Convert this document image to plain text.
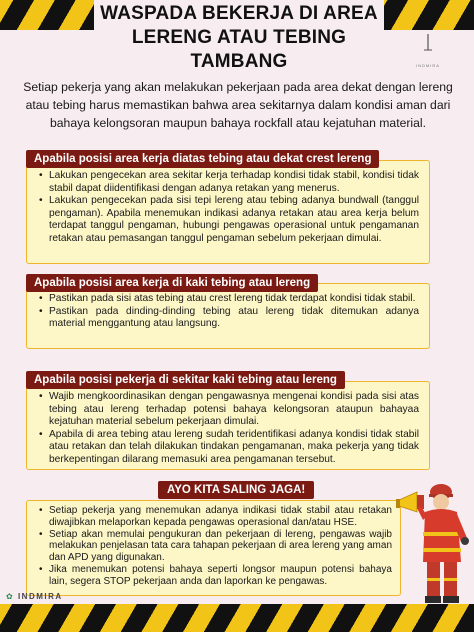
WASPADA BEKERJA DI AREA
LERENG ATAU TEBING TAMBANG	INDMIRA
Setiap pekerja yang akan melakukan pekerjaan pada area dekat dengan lereng atau tebing harus memastikan bahwa area sekitarnya dalam kondisi aman dari bahaya kelongsoran maupun bahaya rockfall atau kejatuhan material.
Apabila posisi area kerja diatas tebing atau dekat crest lereng
• Lakukan pengecekan area sekitar kerja terhadap kondisi tidak stabil, kondisi tidak stabil dapat diidentifikasi dengan adanya retakan yang menerus.
• Lakukan pengecekan pada sisi tepi lereng atau tebing adanya bundwall (tanggul pengaman). Apabila menemukan indikasi adanya retakan atau area kerja belum terdapat tanggul pengaman, hubungi pengawas operasional untuk pengamanan retakan atau pemasangan tanggul pengaman sebelum pekerjaan dimulai.
Apabila posisi area kerja di kaki tebing atau lereng
• Pastikan pada sisi atas tebing atau crest lereng tidak terdapat kondisi tidak stabil.
• Pastikan pada dinding-dinding tebing atau lereng tidak ditemukan adanya material menggantung atau langsung.
Apabila posisi pekerja di sekitar kaki tebing atau lereng
• Wajib mengkoordinasikan dengan pengawasnya mengenai kondisi pada sisi atas tebing atau lereng terhadap potensi bahaya kelongsoran ataupun bahayaa kejatuhan material sebelum pekerjaan dimulai.
• Apabila di area tebing atau lereng sudah teridentifikasi adanya kondisi tidak stabil atau retakan dan telah dilakukan tindakan pengamanan, maka pekerja yang tidak berkepentingan dilarang memasuki area pengamanan tersebut.
AYO KITA SALING JAGA!
• Setiap pekerja yang menemukan adanya indikasi tidak stabil atau retakan diwajibkan melaporkan kepada pengawas operasional dan/atau HSE.
• Setiap akan memulai pengukuran dan pekerjaan di lereng, pengawas wajib melakukan penjelasan tata cara tahapan pekerjaan di area lereng yang aman dan APD yang digunakan.
• Jika menemukan potensi bahaya seperti longsor maupun potensi bahaya lain, segera STOP pekerjaan anda dan laporkan ke pengawas.
✿ INDMIRA
